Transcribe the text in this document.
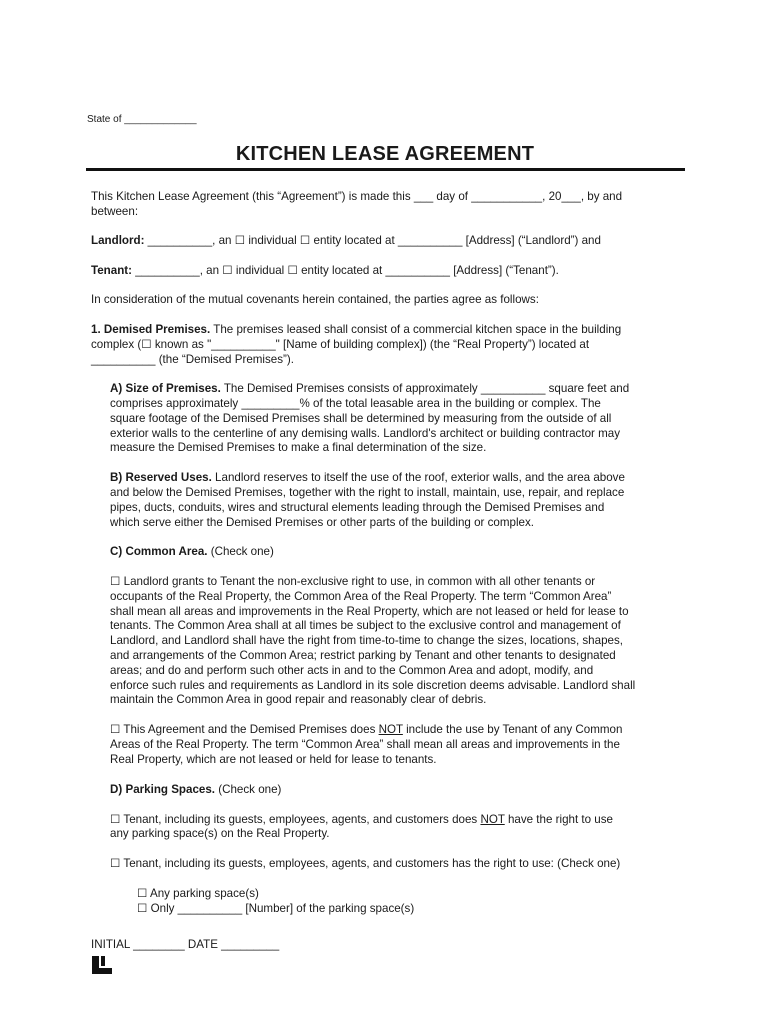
State of _____________
KITCHEN LEASE AGREEMENT

This Kitchen Lease Agreement (this “Agreement”) is made this ___ day of ___________, 20___, by and

between:

Landlord: __________, an ☐ individual ☐ entity located at __________ [Address] (“Landlord”) and

Tenant: __________, an ☐ individual ☐ entity located at __________ [Address] (“Tenant”).

In consideration of the mutual covenants herein contained, the parties agree as follows:

1. Demised Premises. The premises leased shall consist of a commercial kitchen space in the building

complex (☐ known as "__________" [Name of building complex]) (the “Real Property”) located at

__________ (the “Demised Premises”).

A) Size of Premises. The Demised Premises consists of approximately __________ square feet and

comprises approximately _________% of the total leasable area in the building or complex. The

square footage of the Demised Premises shall be determined by measuring from the outside of all

exterior walls to the centerline of any demising walls. Landlord's architect or building contractor may

measure the Demised Premises to make a final determination of the size.

B) Reserved Uses. Landlord reserves to itself the use of the roof, exterior walls, and the area above

and below the Demised Premises, together with the right to install, maintain, use, repair, and replace

pipes, ducts, conduits, wires and structural elements leading through the Demised Premises and

which serve either the Demised Premises or other parts of the building or complex.

C) Common Area. (Check one)

☐ Landlord grants to Tenant the non-exclusive right to use, in common with all other tenants or

occupants of the Real Property, the Common Area of the Real Property. The term “Common Area”

shall mean all areas and improvements in the Real Property, which are not leased or held for lease to

tenants. The Common Area shall at all times be subject to the exclusive control and management of

Landlord, and Landlord shall have the right from time-to-time to change the sizes, locations, shapes,

and arrangements of the Common Area; restrict parking by Tenant and other tenants to designated

areas; and do and perform such other acts in and to the Common Area and adopt, modify, and

enforce such rules and requirements as Landlord in its sole discretion deems advisable. Landlord shall

maintain the Common Area in good repair and reasonably clear of debris.

☐ This Agreement and the Demised Premises does NOT include the use by Tenant of any Common

Areas of the Real Property. The term “Common Area” shall mean all areas and improvements in the

Real Property, which are not leased or held for lease to tenants.

D) Parking Spaces. (Check one)

☐ Tenant, including its guests, employees, agents, and customers does NOT have the right to use

any parking space(s) on the Real Property.

☐ Tenant, including its guests, employees, agents, and customers has the right to use: (Check one)

☐ Any parking space(s)

☐ Only __________ [Number] of the parking space(s)

INITIAL ________ DATE _________
